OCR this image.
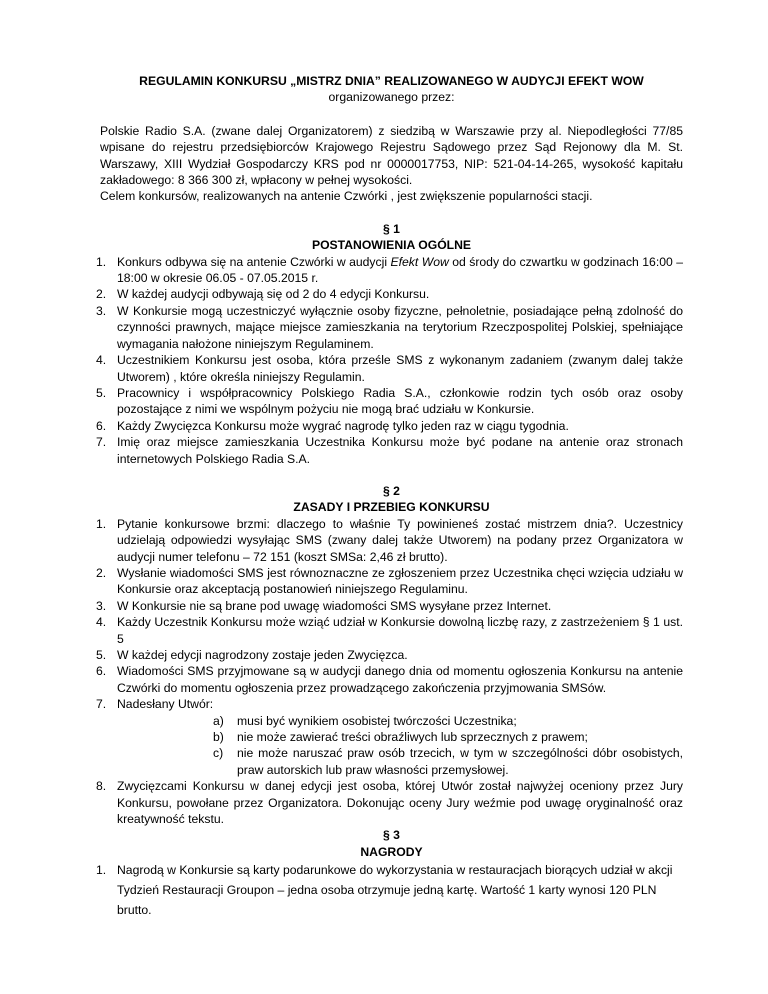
REGULAMIN KONKURSU „MISTRZ DNIA” REALIZOWANEGO W AUDYCJI EFEKT WOW
organizowanego przez:

Polskie Radio S.A. (zwane dalej Organizatorem) z siedzibą w Warszawie przy al. Niepodległości 77/85 wpisane do rejestru przedsiębiorców Krajowego Rejestru Sądowego przez Sąd Rejonowy dla M. St. Warszawy, XIII Wydział Gospodarczy KRS pod nr 0000017753, NIP: 521-04-14-265, wysokość kapitału zakładowego: 8 366 300 zł, wpłacony w pełnej wysokości.

Celem konkursów, realizowanych na antenie Czwórki , jest zwiększenie popularności stacji.

§ 1
POSTANOWIENIA OGÓLNE
1. Konkurs odbywa się na antenie Czwórki w audycji Efekt Wow od środy do czwartku w godzinach 16:00 – 18:00 w okresie 06.05 - 07.05.2015 r.
2. W każdej audycji odbywają się od 2 do 4 edycji Konkursu.
3. W Konkursie mogą uczestniczyć wyłącznie osoby fizyczne, pełnoletnie, posiadające pełną zdolność do czynności prawnych, mające miejsce zamieszkania na terytorium Rzeczpospolitej Polskiej, spełniające wymagania nałożone niniejszym Regulaminem.
4. Uczestnikiem Konkursu jest osoba, która prześle SMS z wykonanym zadaniem (zwanym dalej także Utworem) , które określa niniejszy Regulamin.
5. Pracownicy i współpracownicy Polskiego Radia S.A., członkowie rodzin tych osób oraz osoby pozostające z nimi we wspólnym pożyciu nie mogą brać udziału w Konkursie.
6. Każdy Zwycięzca Konkursu może wygrać nagrodę tylko jeden raz w ciągu tygodnia.
7. Imię oraz miejsce zamieszkania Uczestnika Konkursu może być podane na antenie oraz stronach internetowych Polskiego Radia S.A.
§ 2
ZASADY I PRZEBIEG KONKURSU
1. Pytanie konkursowe brzmi: dlaczego to właśnie Ty powinieneś zostać mistrzem dnia?. Uczestnicy udzielają odpowiedzi wysyłając SMS (zwany dalej także Utworem) na podany przez Organizatora w audycji numer telefonu – 72 151 (koszt SMSa: 2,46 zł brutto).
2. Wysłanie wiadomości SMS jest równoznaczne ze zgłoszeniem przez Uczestnika chęci wzięcia udziału w Konkursie oraz akceptacją postanowień niniejszego Regulaminu.
3. W Konkursie nie są brane pod uwagę wiadomości SMS wysyłane przez Internet.
4. Każdy Uczestnik Konkursu może wziąć udział w Konkursie dowolną liczbę razy, z zastrzeżeniem § 1 ust. 5
5. W każdej edycji nagrodzony zostaje jeden Zwycięzca.
6. Wiadomości SMS przyjmowane są w audycji danego dnia od momentu ogłoszenia Konkursu na antenie Czwórki do momentu ogłoszenia przez prowadzącego zakończenia przyjmowania SMSów.
7. Nadesłany Utwór:
a) musi być wynikiem osobistej twórczości Uczestnika;
b) nie może zawierać treści obraźliwych lub sprzecznych z prawem;
c) nie może naruszać praw osób trzecich, w tym w szczególności dóbr osobistych, praw autorskich lub praw własności przemysłowej.
8. Zwycięzcami Konkursu w danej edycji jest osoba, której Utwór został najwyżej oceniony przez Jury Konkursu, powołane przez Organizatora. Dokonując oceny Jury weźmie pod uwagę oryginalność oraz kreatywność tekstu.
§ 3
NAGRODY
1. Nagrodą w Konkursie są karty podarunkowe do wykorzystania w restauracjach biorących udział w akcji Tydzień Restauracji Groupon – jedna osoba otrzymuje jedną kartę. Wartość 1 karty wynosi 120 PLN brutto.
